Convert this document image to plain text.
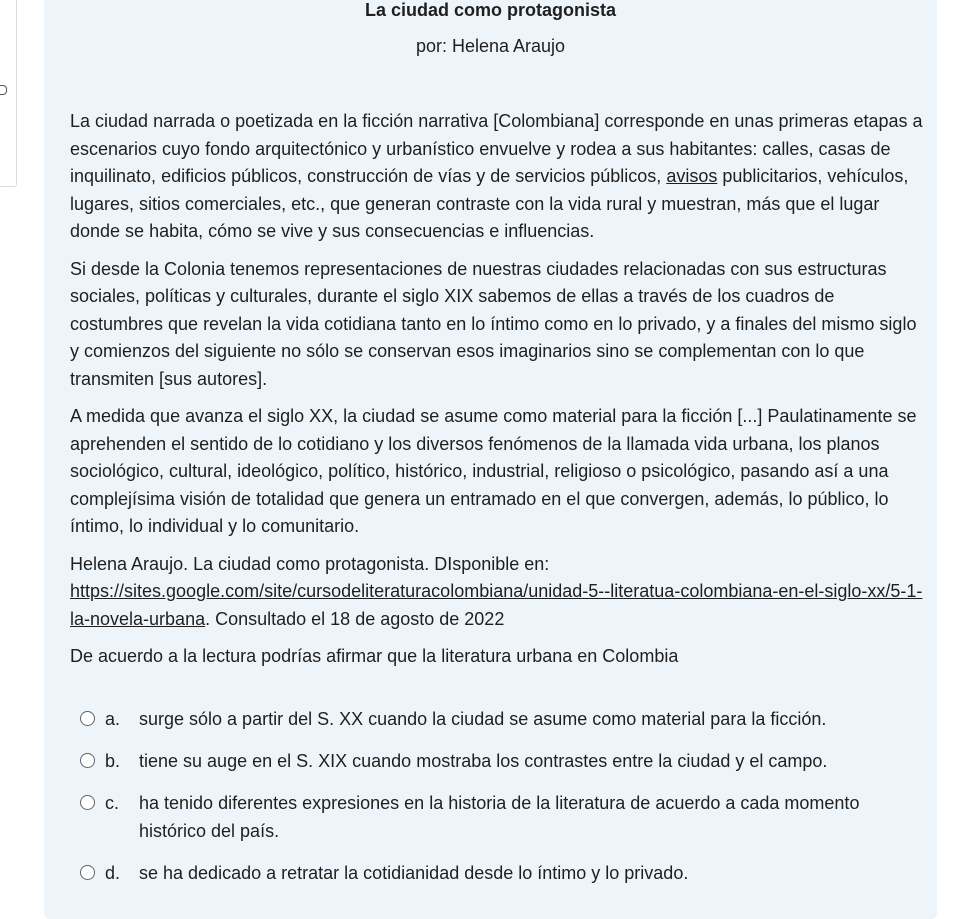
La ciudad como protagonista
por: Helena Araujo

La ciudad narrada o poetizada en la ficción narrativa [Colombiana] corresponde en unas primeras etapas a escenarios cuyo fondo arquitectónico y urbanístico envuelve y rodea a sus habitantes: calles, casas de inquilinato, edificios públicos, construcción de vías y de servicios públicos, avisos publicitarios, vehículos, lugares, sitios comerciales, etc., que generan contraste con la vida rural y muestran, más que el lugar donde se habita, cómo se vive y sus consecuencias e influencias.

Si desde la Colonia tenemos representaciones de nuestras ciudades relacionadas con sus estructuras sociales, políticas y culturales, durante el siglo XIX sabemos de ellas a través de los cuadros de costumbres que revelan la vida cotidiana tanto en lo íntimo como en lo privado, y a finales del mismo siglo y comienzos del siguiente no sólo se conservan esos imaginarios sino se complementan con lo que transmiten [sus autores].

A medida que avanza el siglo XX, la ciudad se asume como material para la ficción [...] Paulatinamente se aprehenden el sentido de lo cotidiano y los diversos fenómenos de la llamada vida urbana, los planos sociológico, cultural, ideológico, político, histórico, industrial, religioso o psicológico, pasando así a una complejísima visión de totalidad que genera un entramado en el que convergen, además, lo público, lo íntimo, lo individual y lo comunitario.

Helena Araujo. La ciudad como protagonista. DIsponible en: https://sites.google.com/site/cursodeliteraturacolombiana/unidad-5--literatua-colombiana-en-el-siglo-xx/5-1-la-novela-urbana. Consultado el 18 de agosto de 2022

De acuerdo a la lectura podrías afirmar que la literatura urbana en Colombia

a.	surge sólo a partir del S. XX cuando la ciudad se asume como material para la ficción.
b.	tiene su auge en el S. XIX cuando mostraba los contrastes entre la ciudad y el campo.
c.	ha tenido diferentes expresiones en la historia de la literatura de acuerdo a cada momento histórico del país.
d.	se ha dedicado a retratar la cotidianidad desde lo íntimo y lo privado.
